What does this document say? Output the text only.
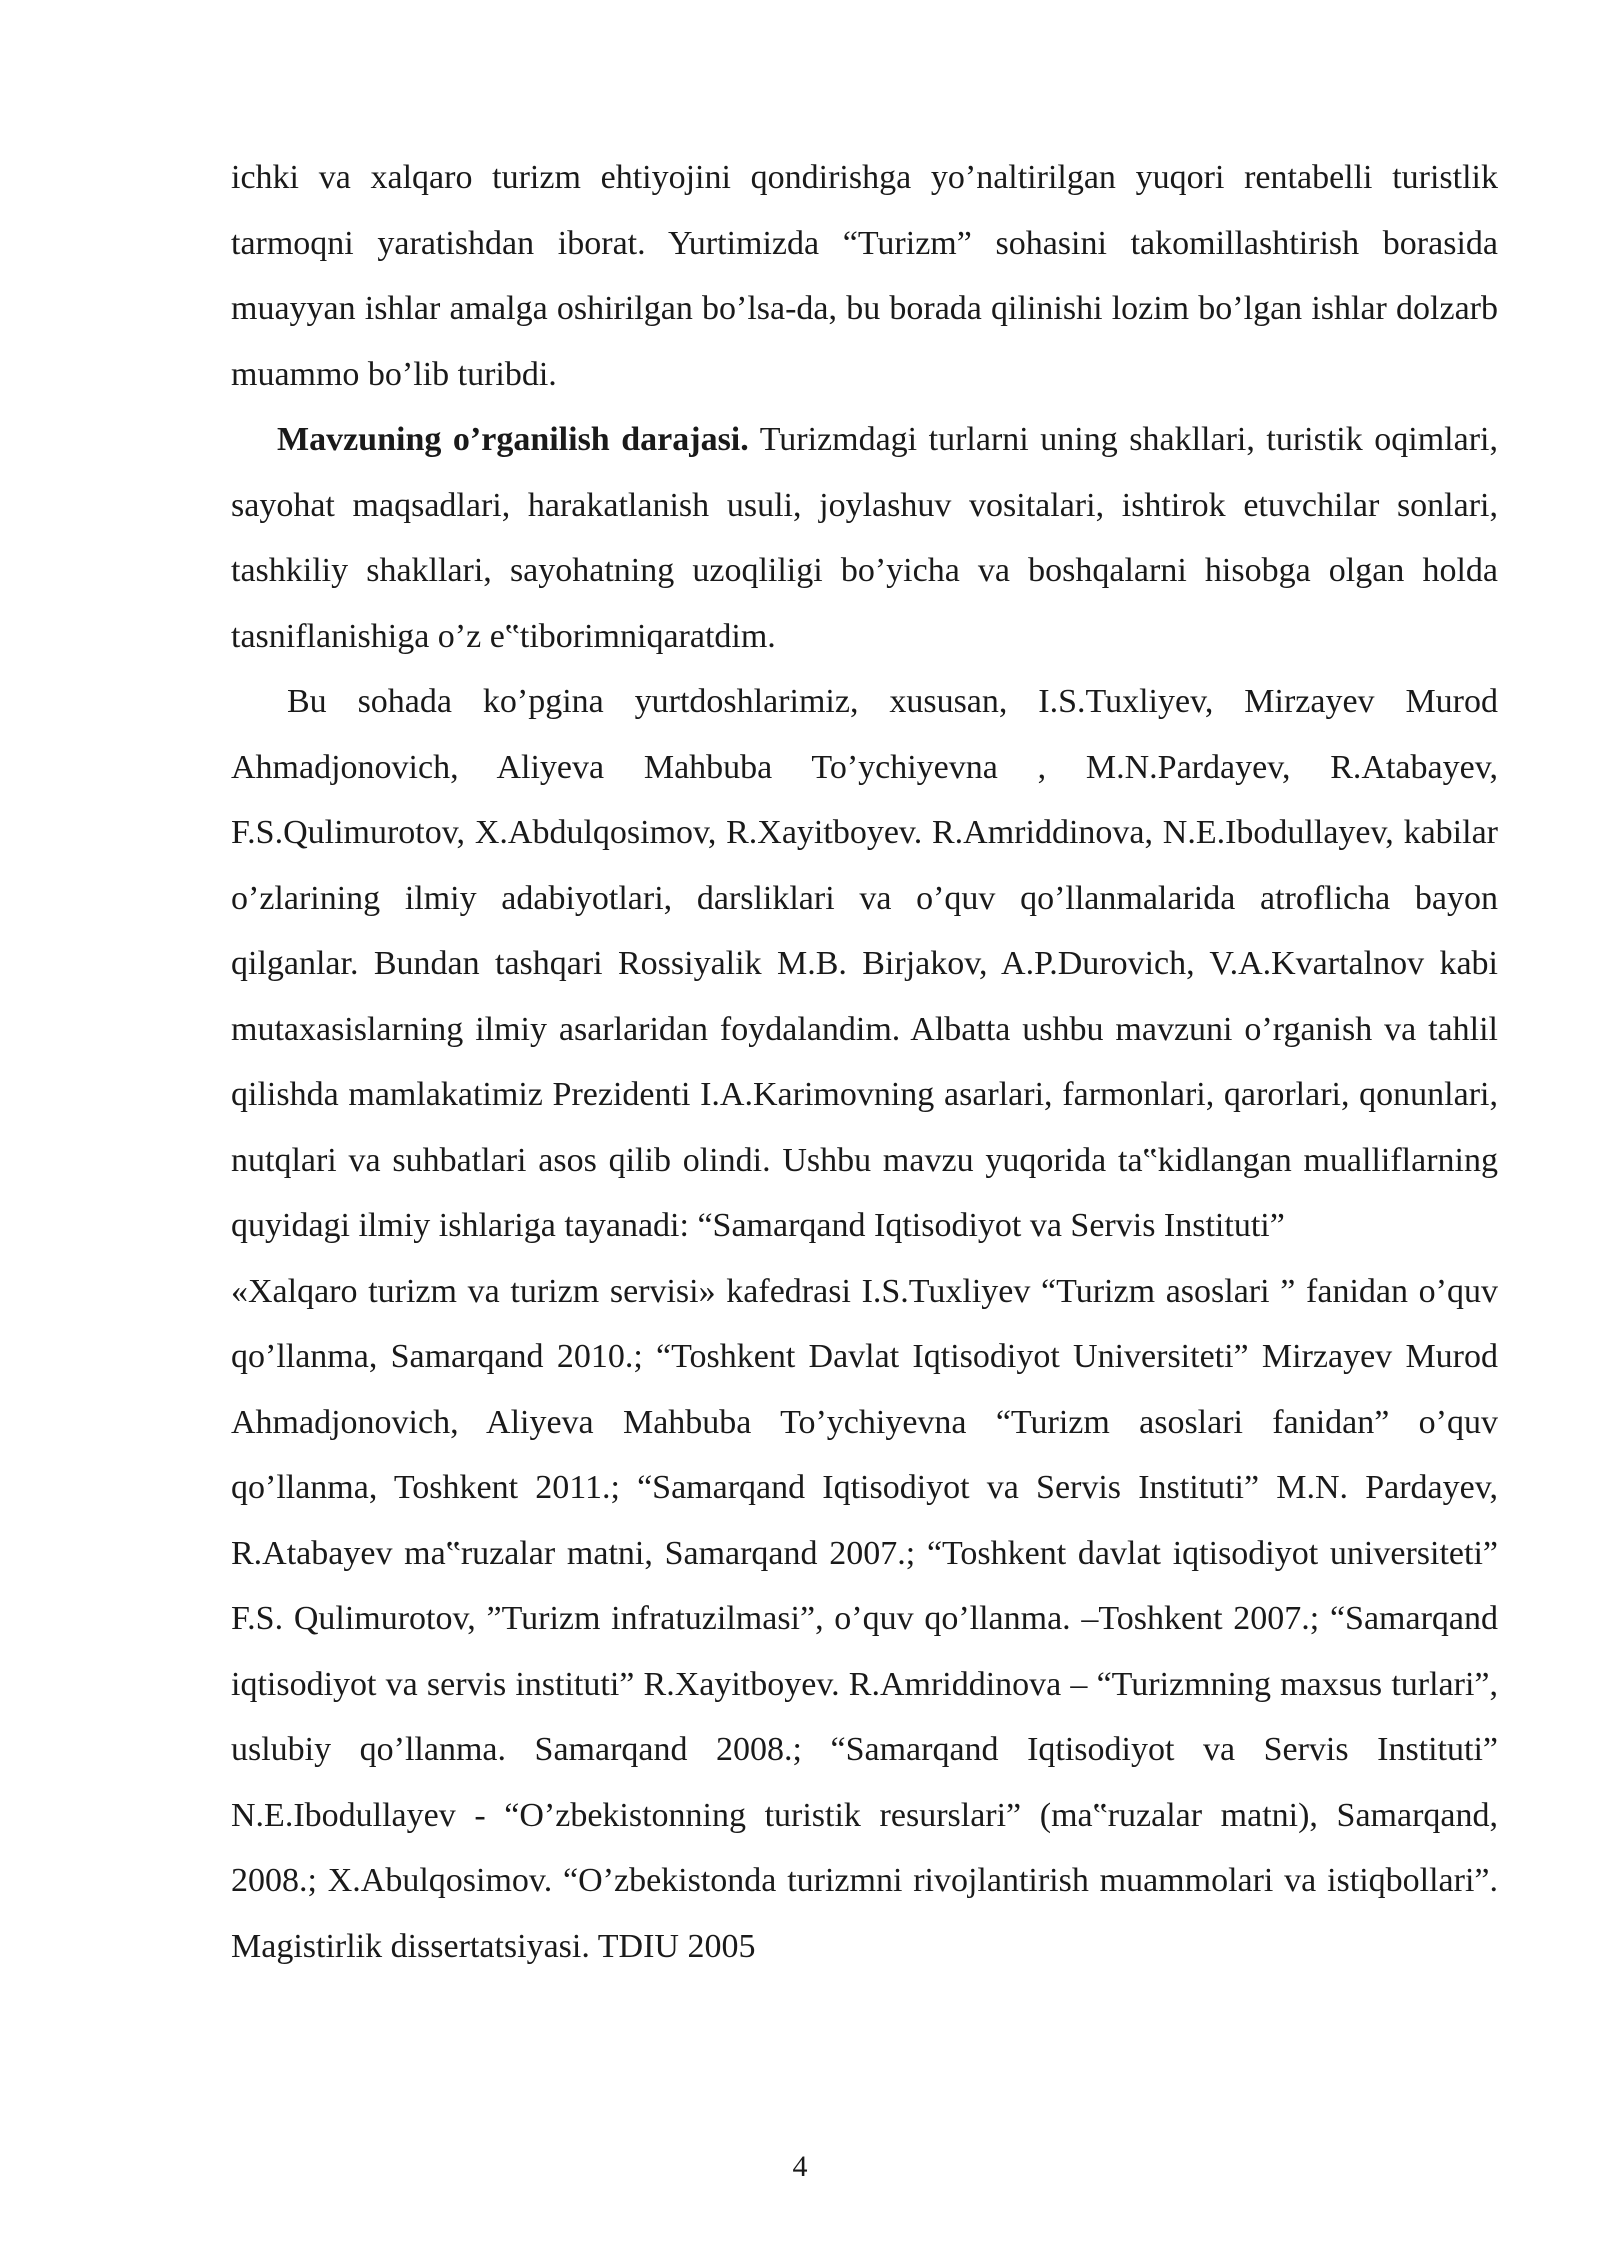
ichki va xalqaro turizm ehtiyojini qondirishga yo’naltirilgan yuqori rentabelli turistlik tarmoqni yaratishdan iborat. Yurtimizda “Turizm” sohasini takomillashtirish borasida muayyan ishlar amalga oshirilgan bo’lsa-da, bu borada qilinishi lozim bo’lgan ishlar dolzarb muammo bo’lib turibdi.

Mavzuning o’rganilish darajasi. Turizmdagi turlarni uning shakllari, turistik oqimlari, sayohat maqsadlari, harakatlanish usuli, joylashuv vositalari, ishtirok etuvchilar sonlari, tashkiliy shakllari, sayohatning uzoqliligi bo’yicha va boshqalarni hisobga olgan holda tasniflanishiga o’z e‟tiborimniqaratdim.

Bu sohada ko’pgina yurtdoshlarimiz, xususan, I.S.Tuxliyev, Mirzayev Murod Ahmadjonovich, Aliyeva Mahbuba To’ychiyevna , M.N.Pardayev, R.Atabayev, F.S.Qulimurotov, X.Abdulqosimov, R.Xayitboyev. R.Amriddinova, N.E.Ibodullayev, kabilar o’zlarining ilmiy adabiyotlari, darsliklari va o’quv qo’llanmalarida atroflicha bayon qilganlar. Bundan tashqari Rossiyalik M.B. Birjakov, A.P.Durovich, V.A.Kvartalnov kabi mutaxasislarning ilmiy asarlaridan foydalandim. Albatta ushbu mavzuni o’rganish va tahlil qilishda mamlakatimiz Prezidenti I.A.Karimovning asarlari, farmonlari, qarorlari, qonunlari, nutqlari va suhbatlari asos qilib olindi. Ushbu mavzu yuqorida ta‟kidlangan mualliflarning quyidagi ilmiy ishlariga tayanadi: “Samarqand Iqtisodiyot va Servis Instituti”

«Xalqaro turizm va turizm servisi» kafedrasi I.S.Tuxliyev “Turizm asoslari ” fanidan o’quv qo’llanma, Samarqand 2010.; “Toshkent Davlat Iqtisodiyot Universiteti” Mirzayev Murod Ahmadjonovich, Aliyeva Mahbuba To’ychiyevna “Turizm asoslari fanidan” o’quv qo’llanma, Toshkent 2011.; “Samarqand Iqtisodiyot va Servis Instituti” M.N. Pardayev, R.Atabayev ma‟ruzalar matni, Samarqand 2007.; “Toshkent davlat iqtisodiyot universiteti” F.S. Qulimurotov, ”Turizm infratuzilmasi”, o’quv qo’llanma. –Toshkent 2007.; “Samarqand iqtisodiyot va servis instituti” R.Xayitboyev. R.Amriddinova – “Turizmning maxsus turlari”, uslubiy qo’llanma. Samarqand 2008.; “Samarqand Iqtisodiyot va Servis Instituti” N.E.Ibodullayev - “O’zbekistonning turistik resurslari” (ma‟ruzalar matni), Samarqand, 2008.; X.Abulqosimov. “O’zbekistonda turizmni rivojlantirish muammolari va istiqbollari”. Magistirlik dissertatsiyasi. TDIU 2005

4
